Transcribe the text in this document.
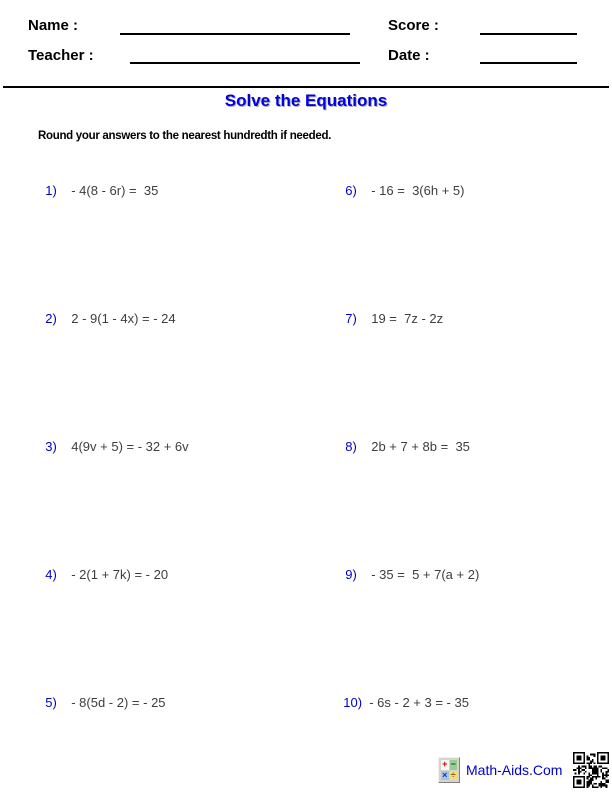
Name :	Score :
Teacher :	Date :
Solve the Equations
Round your answers to the nearest hundredth if needed.

1) - 4(8 - 6r) =  35

2) 2 - 9(1 - 4x) = - 24

3) 4(9v + 5) = - 32 + 6v

4) - 2(1 + 7k) = - 20

5) - 8(5d - 2) = - 25

6) - 16 =  3(6h + 5)

7) 19 =  7z - 2z

8) 2b + 7 + 8b =  35

9) - 35 =  5 + 7(a + 2)

10) - 6s - 2 + 3 = - 35

+ −
× ÷ Math-Aids.Com
